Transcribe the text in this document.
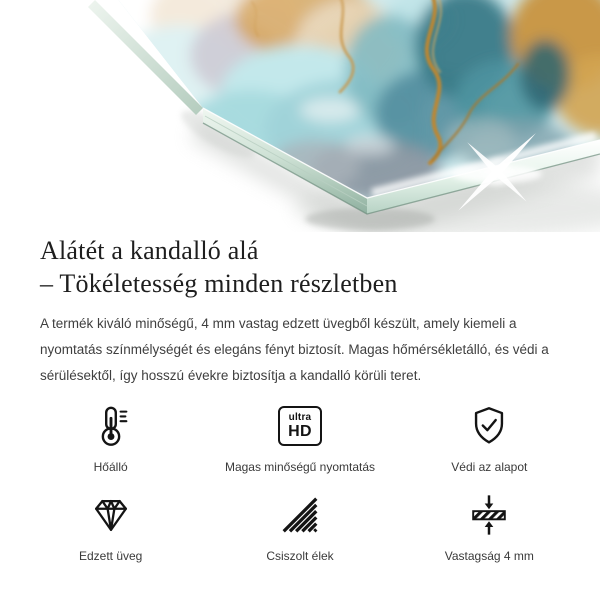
Alátét a kandalló alá
– Tökéletesség minden részletben
A termék kiváló minőségű, 4 mm vastag edzett üvegből készült, amely kiemeli a nyomtatás színmélységét és elegáns fényt biztosít. Magas hőmérsékletálló, és védi a sérülésektől, így hosszú évekre biztosítja a kandalló körüli teret.
Hőálló
ultra
HD
Magas minőségű nyomtatás	Védi az alapot
Edzett üveg	Csiszolt élek	Vastagság 4 mm
